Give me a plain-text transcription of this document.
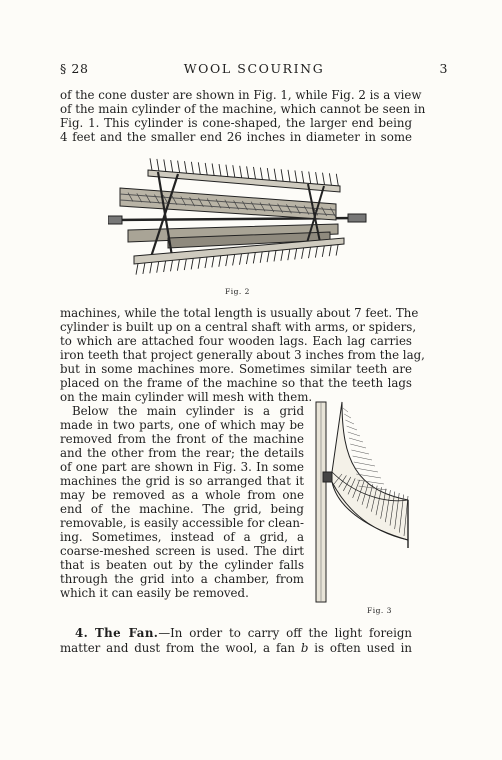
§ 28	WOOL SCOURING	3
of the cone duster are shown in Fig. 1, while Fig. 2 is a view
of the main cylinder of the machine, which cannot be seen in
Fig. 1. This cylinder is cone-shaped, the larger end being
4 feet and the smaller end 26 inches in diameter in some
Fig. 2
machines, while the total length is usually about 7 feet. The
cylinder is built up on a central shaft with arms, or spiders,
to which are attached four wooden lags. Each lag carries
iron teeth that project generally about 3 inches from the lag,
but in some machines more. Sometimes similar teeth are
placed on the frame of the machine so that the teeth lags
on the main cylinder will mesh with them.
Below the main cylinder is a grid
made in two parts, one of which may be
removed from the front of the machine
and the other from the rear; the details
of one part are shown in Fig. 3. In some
machines the grid is so arranged that it
may be removed as a whole from one
end of the machine. The grid, being
removable, is easily accessible for clean-
ing. Sometimes, instead of a grid, a
coarse-meshed screen is used. The dirt
that is beaten out by the cylinder falls
through the grid into a chamber, from
which it can easily be removed.
Fig. 3
4. The Fan.—In order to carry off the light foreign
matter and dust from the wool, a fan b is often used in
